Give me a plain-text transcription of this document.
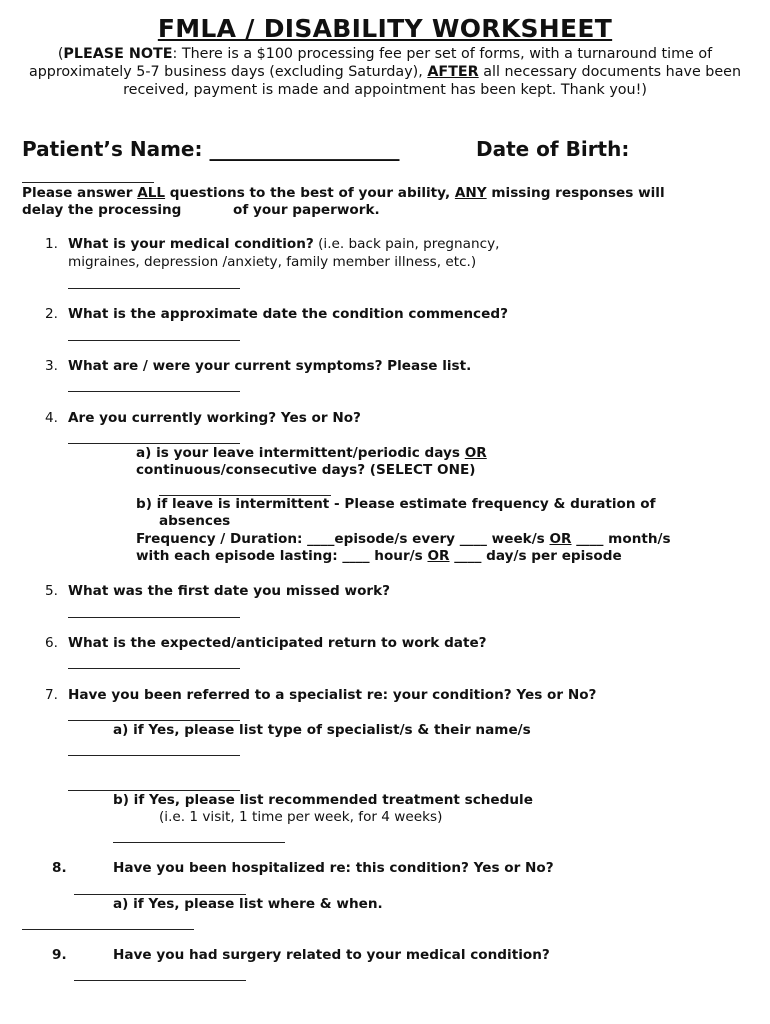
FMLA / DISABILITY WORKSHEET
(PLEASE NOTE: There is a $100 processing fee per set of forms, with a turnaround time of approximately 5-7 business days (excluding Saturday), AFTER all necessary documents have been received, payment is made and appointment has been kept. Thank you!)
Patient’s Name: ___________________	Date of Birth:
Please answer ALL questions to the best of your ability, ANY missing responses will
delay the processing	of your paperwork.
1. What is your medical condition? (i.e. back pain, pregnancy,
migraines, depression /anxiety, family member illness, etc.)
2. What is the approximate date the condition commenced?
3. What are / were your current symptoms? Please list.
4. Are you currently working? Yes or No?
a) is your leave intermittent/periodic days OR
continuous/consecutive days? (SELECT ONE)
b) if leave is intermittent - Please estimate frequency & duration of
absences
Frequency / Duration: ____episode/s every ____ week/s OR ____ month/s
with each episode lasting: ____ hour/s OR ____ day/s per episode
5. What was the first date you missed work?
6. What is the expected/anticipated return to work date?
7. Have you been referred to a specialist re: your condition? Yes or No?
a) if Yes, please list type of specialist/s & their name/s
b) if Yes, please list recommended treatment schedule
(i.e. 1 visit, 1 time per week, for 4 weeks)
8.	Have you been hospitalized re: this condition? Yes or No?
a) if Yes, please list where & when.
9.	Have you had surgery related to your medical condition?
